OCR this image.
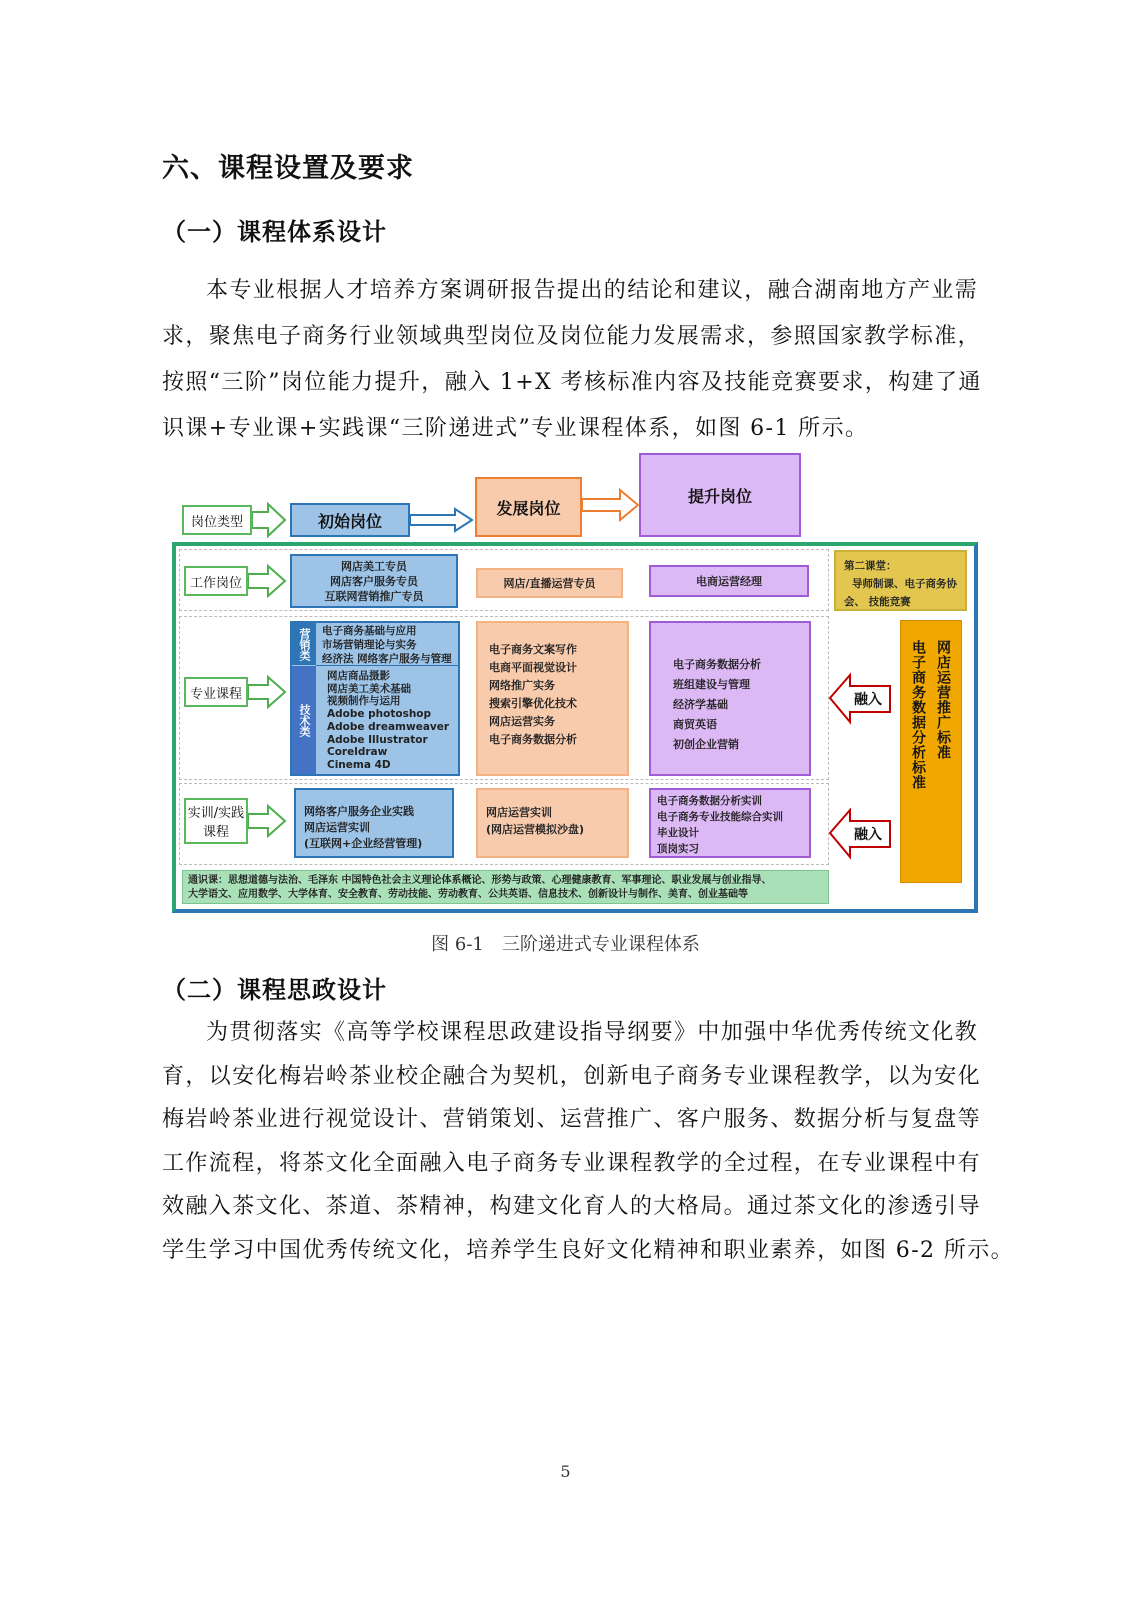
六、课程设置及要求
（一）课程体系设计
本专业根据人才培养方案调研报告提出的结论和建议，融合湖南地方产业需
求，聚焦电子商务行业领域典型岗位及岗位能力发展需求，参照国家教学标准，
按照“三阶”岗位能力提升，融入 1+X 考核标准内容及技能竞赛要求，构建了通
识课+专业课+实践课“三阶递进式”专业课程体系，如图 6-1 所示。
岗位类型	初始岗位
发展岗位
提升岗位
工作岗位
专业课程
实训/实践
课程
网店美工专员
网店客户服务专员
互联网营销推广专员
网店/直播运营专员	电商运营经理
第二课堂：
导师制课、电子商务协
会、 技能竞赛
营销类
技术类
电子商务基础与应用
市场营销理论与实务
经济法 网络客户服务与管理
网店商品摄影
网店美工美术基础
视频制作与运用
Adobe photoshop
Adobe dreamweaver
Adobe Illustrator
Coreldraw
Cinema 4D
电子商务文案写作
电商平面视觉设计
网络推广实务
搜索引擎优化技术
网店运营实务
电子商务数据分析
电子商务数据分析
班组建设与管理
经济学基础
商贸英语
初创企业营销
网络客户服务企业实践
网店运营实训
(互联网+企业经营管理)
网店运营实训
(网店运营模拟沙盘)
电子商务数据分析实训
电子商务专业技能综合实训
毕业设计
顶岗实习
融入
融入
网店运营推广标准
电子商务数据分析标准
通识课：思想道德与法治、毛泽东 中国特色社会主义理论体系概论、形势与政策、心理健康教育、军事理论、职业发展与创业指导、
大学语文、应用数学、大学体育、安全教育、劳动技能、劳动教育、公共英语、信息技术、创新设计与制作、美育、创业基础等
图 6-1　三阶递进式专业课程体系
（二）课程思政设计
为贯彻落实《高等学校课程思政建设指导纲要》中加强中华优秀传统文化教
育，以安化梅岩岭茶业校企融合为契机，创新电子商务专业课程教学，以为安化
梅岩岭茶业进行视觉设计、营销策划、运营推广、客户服务、数据分析与复盘等
工作流程，将茶文化全面融入电子商务专业课程教学的全过程，在专业课程中有
效融入茶文化、茶道、茶精神，构建文化育人的大格局。通过茶文化的渗透引导
学生学习中国优秀传统文化，培养学生良好文化精神和职业素养，如图 6-2 所示。
5
